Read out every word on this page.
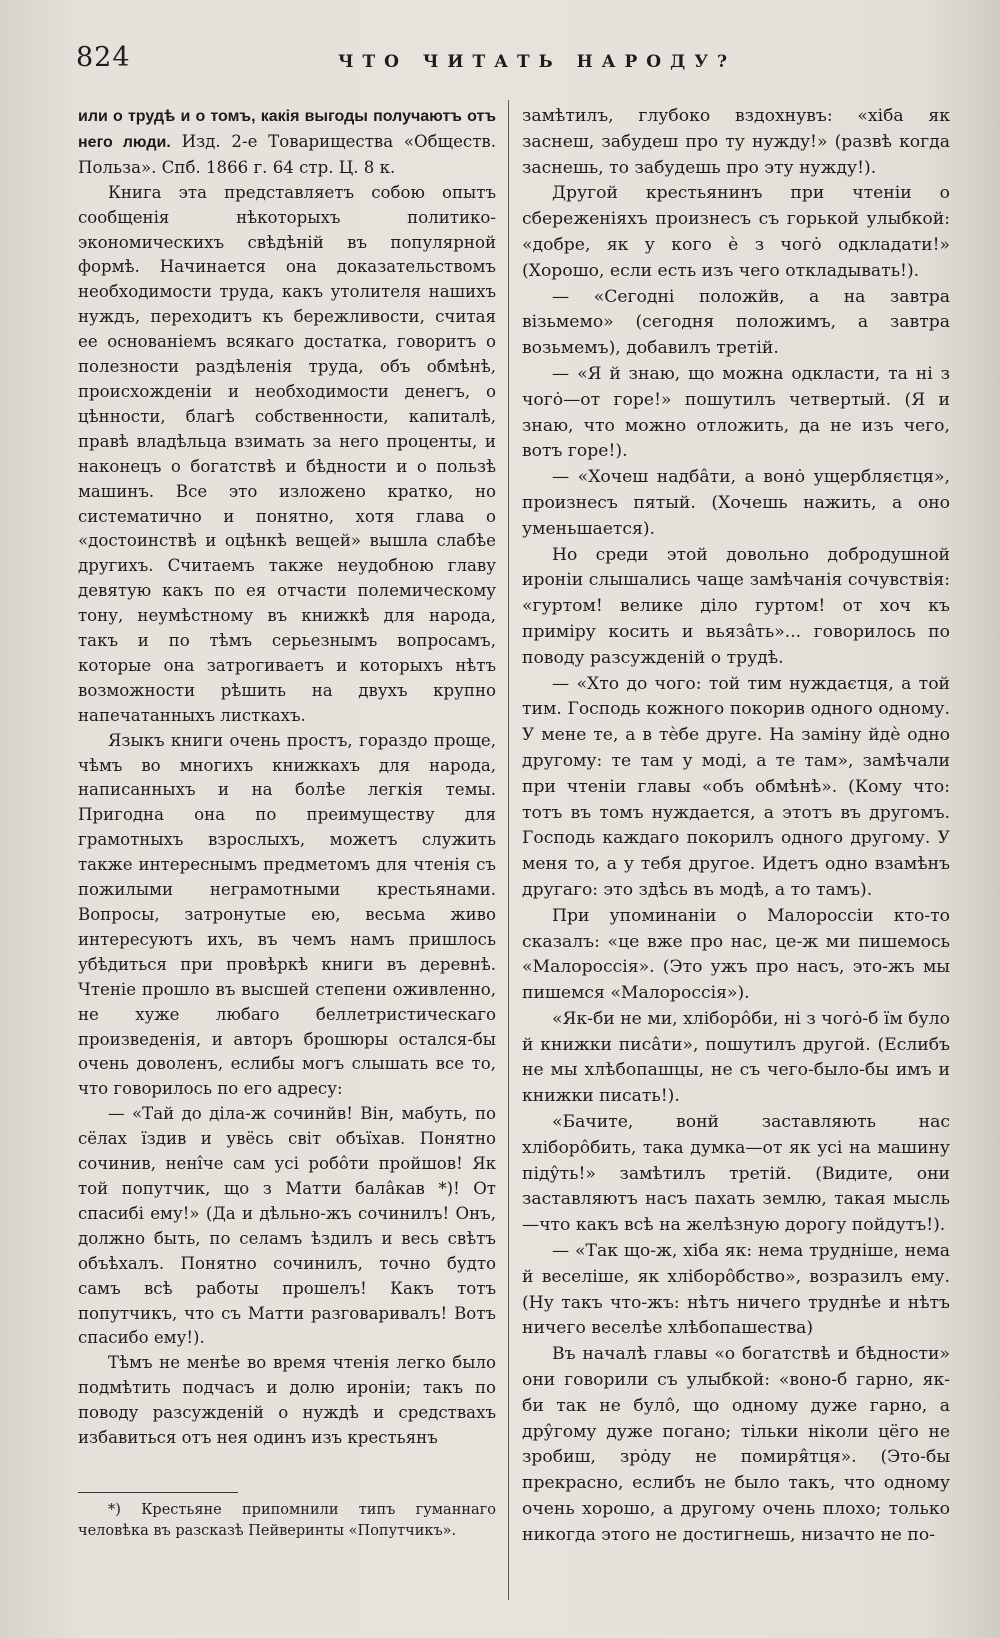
824	ЧТО ЧИТАТЬ НАРОДУ?

или о трудѣ и о томъ, какія выгоды получаютъ отъ него люди. Изд. 2-е Товарищества «Обществ. Польза». Спб. 1866 г. 64 стр. Ц. 8 к.

Книга эта представляетъ собою опытъ сообщенія нѣкоторыхъ политико-экономическихъ свѣдѣній въ популярной формѣ. Начинается она доказательствомъ необходимости труда, какъ утолителя нашихъ нуждъ, переходитъ къ бережливости, считая ее основаніемъ всякаго достатка, говоритъ о полезности раздѣленія труда, объ обмѣнѣ, происхожденіи и необходимости денегъ, о цѣнности, благѣ собственности, капиталѣ, правѣ владѣльца взимать за него проценты, и наконецъ о богатствѣ и бѣдности и о пользѣ машинъ. Все это изложено кратко, но систематично и понятно, хотя глава о «достоинствѣ и оцѣнкѣ вещей» вышла слабѣе другихъ. Считаемъ также неудобною главу девятую какъ по ея отчасти полемическому тону, неумѣстному въ книжкѣ для народа, такъ и по тѣмъ серьезнымъ вопросамъ, которые она затрогиваетъ и которыхъ нѣтъ возможности рѣшить на двухъ крупно напечатанныхъ листкахъ.

Языкъ книги очень простъ, гораздо проще, чѣмъ во многихъ книжкахъ для народа, написанныхъ и на болѣе легкія темы. Пригодна она по преимуществу для грамотныхъ взрослыхъ, можетъ служить также интереснымъ предметомъ для чтенія съ пожилыми неграмотными крестьянами. Вопросы, затронутые ею, весьма живо интересуютъ ихъ, въ чемъ намъ пришлось убѣдиться при провѣркѣ книги въ деревнѣ. Чтеніе прошло въ высшей степени оживленно, не хуже любаго беллетристическаго произведенія, и авторъ брошюры остался-бы очень доволенъ, еслибы могъ слышать все то, что говорилось по его адресу:

— «Тай до діла-ж сочинйв! Він, мабуть, по сёлах їздив и увёсь світ объїхав. Понятно сочинив, нені̂че сам усі робо̂ти пройшов! Як той попутчик, що з Матти бала̂кав *)! От спасибі ему!» (Да и дѣльно-жъ сочинилъ! Онъ, должно быть, по селамъ ѣздилъ и весь свѣтъ объѣхалъ. Понятно сочинилъ, точно будто самъ всѣ работы прошелъ! Какъ тотъ попутчикъ, что съ Матти разговаривалъ! Вотъ спасибо ему!).

Тѣмъ не менѣе во время чтенія легко было подмѣтить подчасъ и долю ироніи; такъ по поводу разсужденій о нуждѣ и средствахъ избавиться отъ нея одинъ изъ крестьянъ

*) Крестьяне припомнили типъ гуманнаго человѣка въ разсказѣ Пейверинты «Попутчикъ».

замѣтилъ, глубоко вздохнувъ: «хіба як заснеш, забудеш про ту нужду!» (развѣ когда заснешь, то забудешь про эту нужду!).

Другой крестьянинъ при чтеніи о сбереженіяхъ произнесъ съ горькой улыбкой: «добре, як у кого ѐ з чогȯ одкладати!» (Хорошо, если есть изъ чего откладывать!).

— «Сегодні положйв, а на завтра візьмемо» (сегодня положимъ, а завтра возьмемъ), добавилъ третій.

— «Я й знаю, що можна одкласти, та ні з чогȯ—от горе!» пошутилъ четвертый. (Я и знаю, что можно отложить, да не изъ чего, вотъ горе!).

— «Хочеш надба̂ти, а вонȯ ущербляєтця», произнесъ пятый. (Хочешь нажить, а оно уменьшается).

Но среди этой довольно добродушной ироніи слышались чаще замѣчанія сочувствія: «гуртом! велике діло гуртом! от хоч къ приміру косить и вьяза̂ть»... говорилось по поводу разсужденій о трудѣ.

— «Хто до чого: той тим нуждаєтця, а той тим. Господь кожного покорив одного одному. У мене те, а в тѐбе друге. На заміну йдѐ одно другому: те там у моді, а те там», замѣчали при чтеніи главы «объ обмѣнѣ». (Кому что: тотъ въ томъ нуждается, а этотъ въ другомъ. Господь каждаго покорилъ одного другому. У меня то, а у тебя другое. Идетъ одно взамѣнъ другаго: это здѣсь въ модѣ, а то тамъ).

При упоминаніи о Малороссіи кто-то сказалъ: «це вже про нас, це-ж ми пишемось «Малороссія». (Это ужъ про насъ, это-жъ мы пишемся «Малороссія»).

«Як-би не ми, хліборо̂би, ні з чогȯ-б їм було й книжки писа̂ти», пошутилъ другой. (Еслибъ не мы хлѣбопашцы, не съ чего-было-бы имъ и книжки писать!).

«Бачите, вонй заставляють нас хліборо̂бить, така думка—от як усі на машину піду̂ть!» замѣтилъ третій. (Видите, они заставляютъ насъ пахать землю, такая мысль—что какъ всѣ на желѣзную дорогу пойдутъ!).

— «Так що-ж, хіба як: нема трудніше, нема й веселіше, як хліборо̂бство», возразилъ ему. (Ну такъ что-жъ: нѣтъ ничего труднѣе и нѣтъ ничего веселѣе хлѣбопашества)

Въ началѣ главы «о богатствѣ и бѣдности» они говорили съ улыбкой: «воно-б гарно, як-би так не було̂, що одному дуже гарно, а дру̂гому дуже погано; тільки ніколи цёго не зробиш, зрȯду не помиря̂тця». (Это-бы прекрасно, еслибъ не было такъ, что одному очень хорошо, а другому очень плохо; только никогда этого не достигнешь, низачто не по-
